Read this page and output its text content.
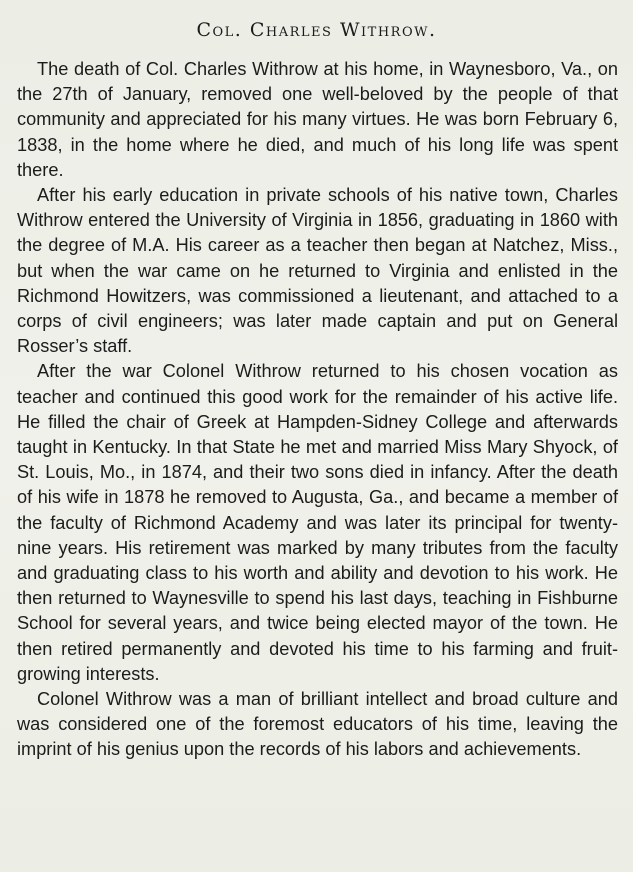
Col. Charles Withrow.

The death of Col. Charles Withrow at his home, in Waynesboro, Va., on the 27th of January, removed one well-beloved by the people of that community and appreciated for his many virtues. He was born February 6, 1838, in the home where he died, and much of his long life was spent there.

After his early education in private schools of his native town, Charles Withrow entered the University of Virginia in 1856, graduating in 1860 with the degree of M.A. His career as a teacher then began at Natchez, Miss., but when the war came on he returned to Virginia and enlisted in the Richmond Howitzers, was commissioned a lieutenant, and attached to a corps of civil engineers; was later made captain and put on General Rosser’s staff.

After the war Colonel Withrow returned to his chosen vocation as teacher and continued this good work for the remainder of his active life. He filled the chair of Greek at Hampden-Sidney College and afterwards taught in Kentucky. In that State he met and married Miss Mary Shyock, of St. Louis, Mo., in 1874, and their two sons died in infancy. After the death of his wife in 1878 he removed to Augusta, Ga., and became a member of the faculty of Richmond Academy and was later its principal for twenty-nine years. His retirement was marked by many tributes from the faculty and graduating class to his worth and ability and devotion to his work. He then returned to Waynesville to spend his last days, teaching in Fishburne School for several years, and twice being elected mayor of the town. He then retired permanently and devoted his time to his farming and fruit-growing interests.

Colonel Withrow was a man of brilliant intellect and broad culture and was considered one of the foremost educators of his time, leaving the imprint of his genius upon the records of his labors and achievements.
